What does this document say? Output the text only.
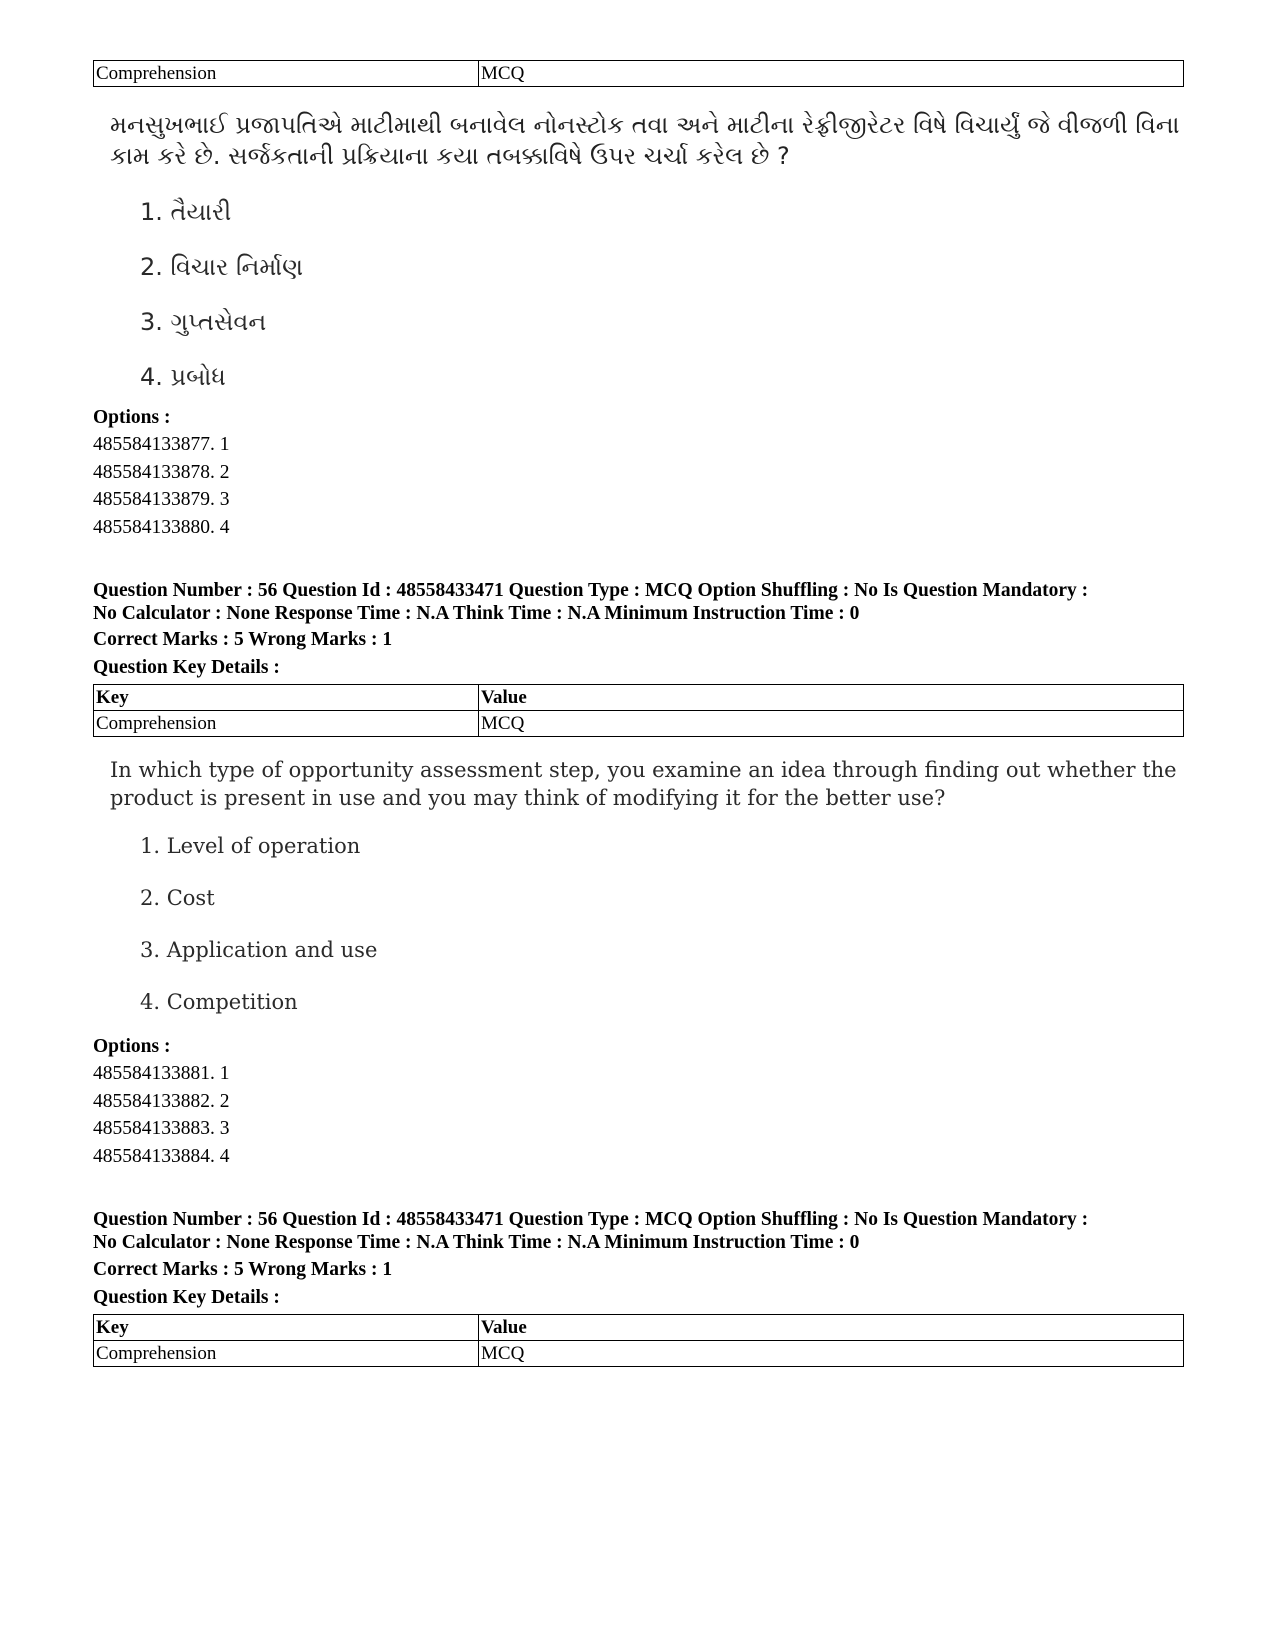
Comprehension	MCQ
મનસુખભાઈ પ્રજાપતિએ માટીમાથી બનાવેલ નોનસ્ટોક તવા અને માટીના રેફ્રીજીરેટર વિષે વિચાર્યું જે વીજળી વિના કામ કરે છે. સર્જકતાની પ્રક્રિયાના કયા તબક્કાવિષે ઉપર ચર્ચા કરેલ છે ?
1. તૈયારી
2. વિચાર નિર્માણ
3. ગુપ્તસેવન
4. પ્રબોધ
Options :
485584133877. 1
485584133878. 2
485584133879. 3
485584133880. 4
Question Number : 56 Question Id : 48558433471 Question Type : MCQ Option Shuffling : No Is Question Mandatory :
No Calculator : None Response Time : N.A Think Time : N.A Minimum Instruction Time : 0
Correct Marks : 5 Wrong Marks : 1
Question Key Details :
Key	Value
Comprehension	MCQ
In which type of opportunity assessment step, you examine an idea through finding out whether the product is present in use and you may think of modifying it for the better use?
1. Level of operation
2. Cost
3. Application and use
4. Competition
Options :
485584133881. 1
485584133882. 2
485584133883. 3
485584133884. 4
Question Number : 56 Question Id : 48558433471 Question Type : MCQ Option Shuffling : No Is Question Mandatory :
No Calculator : None Response Time : N.A Think Time : N.A Minimum Instruction Time : 0
Correct Marks : 5 Wrong Marks : 1
Question Key Details :
Key	Value
Comprehension	MCQ
